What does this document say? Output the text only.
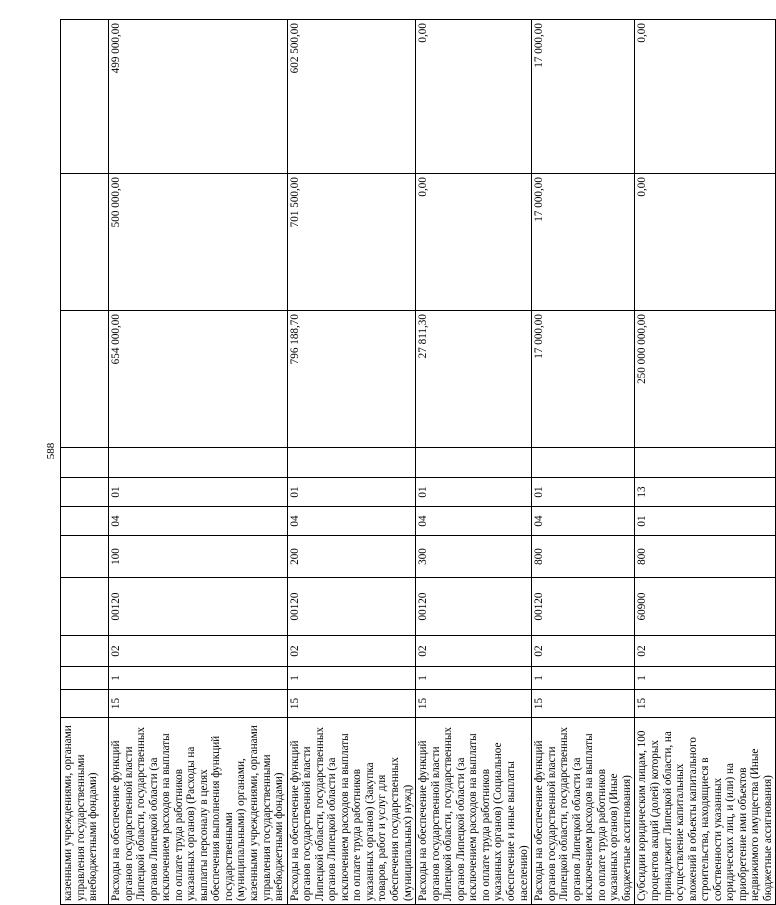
588
казенными учреждениями, органами управления государственными внебюджетными фондами)											
Расходы на обеспечение функций органов государственной власти Липецкой области, государственных органов Липецкой области (за исключением расходов на выплаты по оплате труда работников указанных органов) (Расходы на выплаты персоналу в целях обеспечения выполнения функций государственными (муниципальными) органами, казенными учреждениями, органами управления государственными внебюджетными фондами)	15	1	02	00120	100	04	01		654 000,00	500 000,00	499 000,00
Расходы на обеспечение функций органов государственной власти Липецкой области, государственных органов Липецкой области (за исключением расходов на выплаты по оплате труда работников указанных органов) (Закупка товаров, работ и услуг для обеспечения государственных (муниципальных) нужд)	15	1	02	00120	200	04	01		796 188,70	701 500,00	602 500,00
Расходы на обеспечение функций органов государственной власти Липецкой области, государственных органов Липецкой области (за исключением расходов на выплаты по оплате труда работников указанных органов) (Социальное обеспечение и иные выплаты населению)	15	1	02	00120	300	04	01		27 811,30	0,00	0,00
Расходы на обеспечение функций органов государственной власти Липецкой области, государственных органов Липецкой области (за исключением расходов на выплаты по оплате труда работников указанных органов) (Иные бюджетные ассигнования)	15	1	02	00120	800	04	01		17 000,00	17 000,00	17 000,00
Субсидии юридическим лицам, 100 процентов акций (долей) которых принадлежит Липецкой области, на осуществление капитальных вложений в объекты капитального строительства, находящиеся в собственности указанных юридических лиц, и (или) на приобретение ими объектов недвижимого имущества (Иные бюджетные ассигнования)	15	1	02	60900	800	01	13		250 000 000,00	0,00	0,00
